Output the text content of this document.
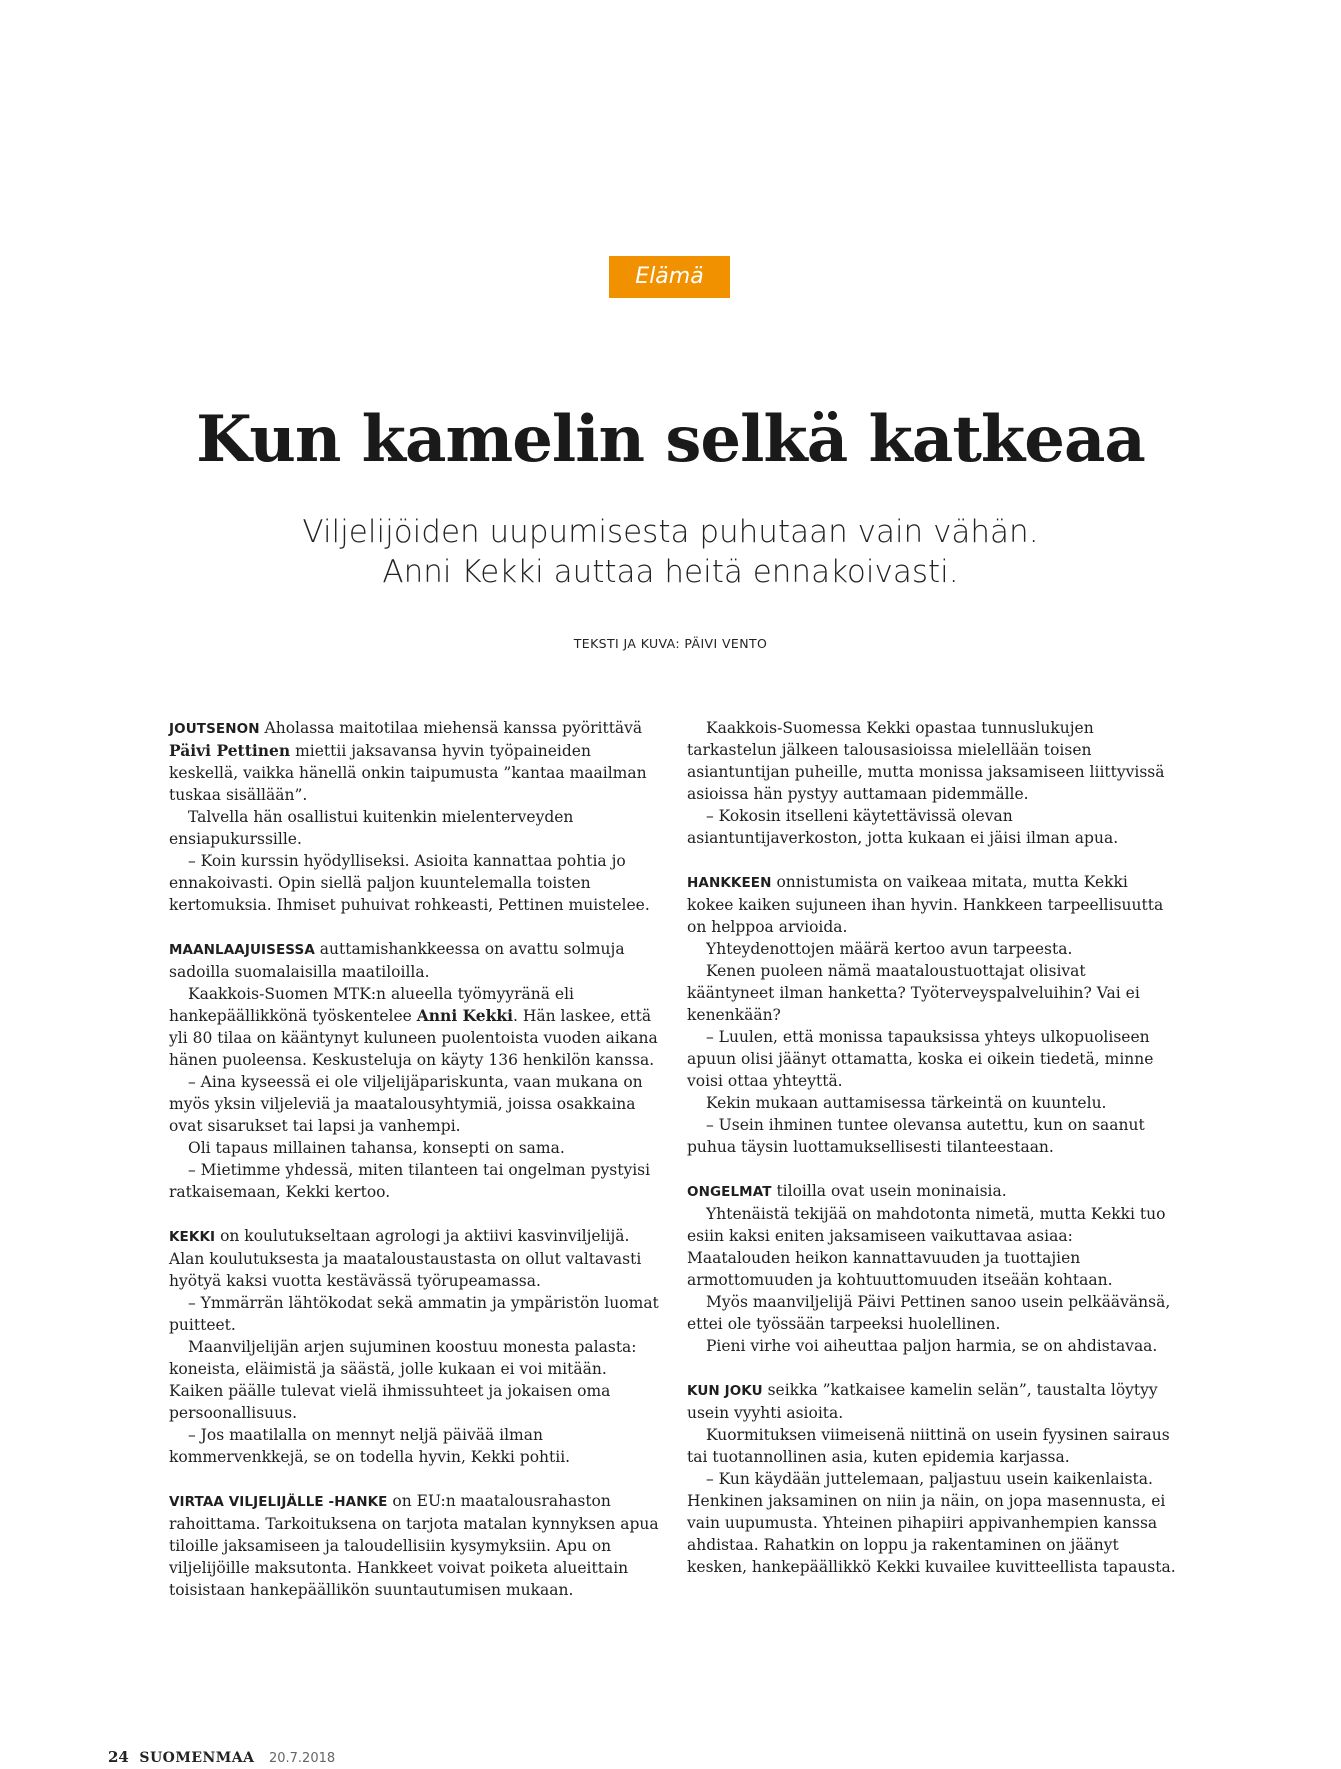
Elämä
Kun kamelin selkä katkeaa
Viljelijöiden uupumisesta puhutaan vain vähän.
Anni Kekki auttaa heitä ennakoivasti.
TEKSTI JA KUVA: PÄIVI VENTO

JOUTSENON Aholassa maitotilaa miehensä kanssa pyörittävä Päivi Pettinen miettii jaksavansa hyvin työpaineiden keskellä, vaikka hänellä onkin taipumusta ”kantaa maailman tuskaa sisällään”.

Talvella hän osallistui kuitenkin mielenterveyden ensiapukurssille.

– Koin kurssin hyödylliseksi. Asioita kannattaa pohtia jo ennakoivasti. Opin siellä paljon kuuntelemalla toisten kertomuksia. Ihmiset puhuivat rohkeasti, Pettinen muistelee.

MAANLAAJUISESSA auttamishankkeessa on avattu solmuja sadoilla suomalaisilla maatiloilla.

Kaakkois-Suomen MTK:n alueella työmyyränä eli hankepäällikkönä työskentelee Anni Kekki. Hän laskee, että yli 80 tilaa on kääntynyt kuluneen puolentoista vuoden aikana hänen puoleensa. Keskusteluja on käyty 136 henkilön kanssa.

– Aina kyseessä ei ole viljelijäpariskunta, vaan mukana on myös yksin viljeleviä ja maatalousyhtymiä, joissa osakkaina ovat sisarukset tai lapsi ja vanhempi.

Oli tapaus millainen tahansa, konsepti on sama.

– Mietimme yhdessä, miten tilanteen tai ongelman pystyisi ratkaisemaan, Kekki kertoo.

KEKKI on koulutukseltaan agrologi ja aktiivi kasvinviljelijä. Alan koulutuksesta ja maataloustaustasta on ollut valtavasti hyötyä kaksi vuotta kestävässä työrupeamassa.

– Ymmärrän lähtökodat sekä ammatin ja ympäristön luomat puitteet.

Maanviljelijän arjen sujuminen koostuu monesta palasta: koneista, eläimistä ja säästä, jolle kukaan ei voi mitään. Kaiken päälle tulevat vielä ihmissuhteet ja jokaisen oma persoonallisuus.

– Jos maatilalla on mennyt neljä päivää ilman kommervenkkejä, se on todella hyvin, Kekki pohtii.

VIRTAA VILJELIJÄLLE -HANKE on EU:n maatalousrahaston rahoittama. Tarkoituksena on tarjota matalan kynnyksen apua tiloille jaksamiseen ja taloudellisiin kysymyksiin. Apu on viljelijöille maksutonta. Hankkeet voivat poiketa alueittain toisistaan hankepäällikön suuntautumisen mukaan.

Kaakkois-Suomessa Kekki opastaa tunnuslukujen tarkastelun jälkeen talousasioissa mielellään toisen asiantuntijan puheille, mutta monissa jaksamiseen liittyvissä asioissa hän pystyy auttamaan pidemmälle.

– Kokosin itselleni käytettävissä olevan asiantuntijaverkoston, jotta kukaan ei jäisi ilman apua.

HANKKEEN onnistumista on vaikeaa mitata, mutta Kekki kokee kaiken sujuneen ihan hyvin. Hankkeen tarpeellisuutta on helppoa arvioida.

Yhteydenottojen määrä kertoo avun tarpeesta.

Kenen puoleen nämä maataloustuottajat olisivat kääntyneet ilman hanketta? Työterveyspalveluihin? Vai ei kenenkään?

– Luulen, että monissa tapauksissa yhteys ulkopuoliseen apuun olisi jäänyt ottamatta, koska ei oikein tiedetä, minne voisi ottaa yhteyttä.

Kekin mukaan auttamisessa tärkeintä on kuuntelu.

– Usein ihminen tuntee olevansa autettu, kun on saanut puhua täysin luottamuksellisesti tilanteestaan.

ONGELMAT tiloilla ovat usein moninaisia.

Yhtenäistä tekijää on mahdotonta nimetä, mutta Kekki tuo esiin kaksi eniten jaksamiseen vaikuttavaa asiaa: Maatalouden heikon kannattavuuden ja tuottajien armottomuuden ja kohtuuttomuuden itseään kohtaan.

Myös maanviljelijä Päivi Pettinen sanoo usein pelkäävänsä, ettei ole työssään tarpeeksi huolellinen.

Pieni virhe voi aiheuttaa paljon harmia, se on ahdistavaa.

KUN JOKU seikka ”katkaisee kamelin selän”, taustalta löytyy usein vyyhti asioita.

Kuormituksen viimeisenä niittinä on usein fyysinen sairaus tai tuotannollinen asia, kuten epidemia karjassa.

– Kun käydään juttelemaan, paljastuu usein kaikenlaista. Henkinen jaksaminen on niin ja näin, on jopa masennusta, ei vain uupumusta. Yhteinen pihapiiri appivanhempien kanssa ahdistaa. Rahatkin on loppu ja rakentaminen on jäänyt kesken, hankepäällikkö Kekki kuvailee kuvitteellista tapausta.

24 SUOMENMAA 20.7.2018
